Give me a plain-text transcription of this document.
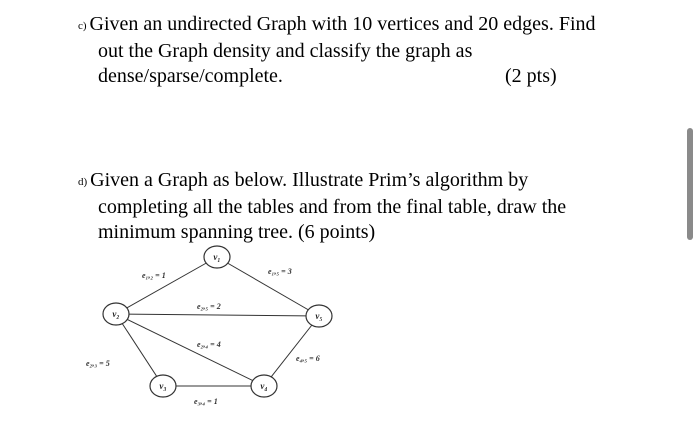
c) Given an undirected Graph with 10 vertices and 20 edges. Find
out the Graph density and classify the graph as
dense/sparse/complete.	(2 pts)
d) Given a Graph as below. Illustrate Prim’s algorithm by
completing all the tables and from the final table, draw the
minimum spanning tree. (6 points)
v₁
v₂	v₅
v₃	v₄
e₁,₂ = 1	e₁,₅ = 3
e₂,₅ = 2
e₂,₄ = 4
e₂,₃ = 5
e₄,₅ = 6
e₃,₄ = 1
